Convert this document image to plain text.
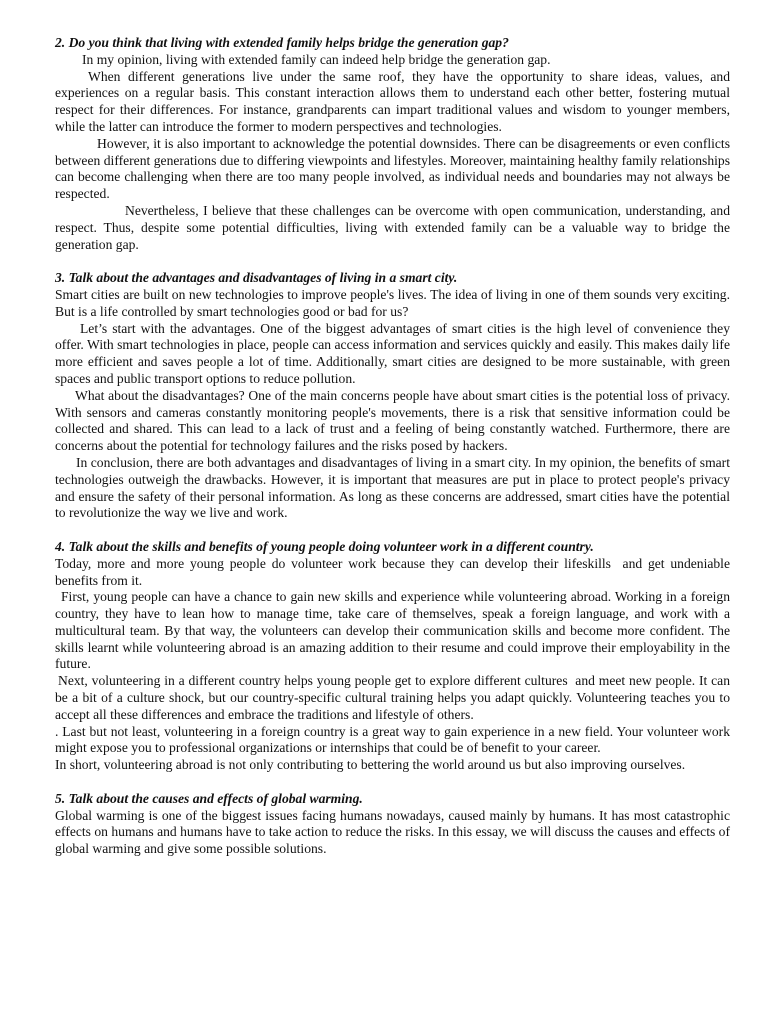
2. Do you think that living with extended family helps bridge the generation gap?

In my opinion, living with extended family can indeed help bridge the generation gap.

When different generations live under the same roof, they have the opportunity to share ideas, values, and experiences on a regular basis. This constant interaction allows them to understand each other better, fostering mutual respect for their differences. For instance, grandparents can impart traditional values and wisdom to younger members, while the latter can introduce the former to modern perspectives and technologies.

However, it is also important to acknowledge the potential downsides. There can be disagreements or even conflicts between different generations due to differing viewpoints and lifestyles. Moreover, maintaining healthy family relationships can become challenging when there are too many people involved, as individual needs and boundaries may not always be respected.

Nevertheless, I believe that these challenges can be overcome with open communication, understanding, and respect. Thus, despite some potential difficulties, living with extended family can be a valuable way to bridge the generation gap.

3. Talk about the advantages and disadvantages of living in a smart city.

Smart cities are built on new technologies to improve people's lives. The idea of living in one of them sounds very exciting. But is a life controlled by smart technologies good or bad for us?

Let’s start with the advantages. One of the biggest advantages of smart cities is the high level of convenience they offer. With smart technologies in place, people can access information and services quickly and easily. This makes daily life more efficient and saves people a lot of time. Additionally, smart cities are designed to be more sustainable, with green spaces and public transport options to reduce pollution.

What about the disadvantages? One of the main concerns people have about smart cities is the potential loss of privacy. With sensors and cameras constantly monitoring people's movements, there is a risk that sensitive information could be collected and shared. This can lead to a lack of trust and a feeling of being constantly watched. Furthermore, there are concerns about the potential for technology failures and the risks posed by hackers.

In conclusion, there are both advantages and disadvantages of living in a smart city. In my opinion, the benefits of smart technologies outweigh the drawbacks. However, it is important that measures are put in place to protect people's privacy and ensure the safety of their personal information. As long as these concerns are addressed, smart cities have the potential to revolutionize the way we live and work.

4. Talk about the skills and benefits of young people doing volunteer work in a different country.

Today, more and more young people do volunteer work because they can develop their lifeskills  and get undeniable benefits from it.

First, young people can have a chance to gain new skills and experience while volunteering abroad. Working in a foreign country, they have to lean how to manage time, take care of themselves, speak a foreign language, and work with a multicultural team. By that way, the volunteers can develop their communication skills and become more confident. The skills learnt while volunteering abroad is an amazing addition to their resume and could improve their employability in the future.

Next, volunteering in a different country helps young people get to explore different cultures  and meet new people. It can be a bit of a culture shock, but our country-specific cultural training helps you adapt quickly. Volunteering teaches you to accept all these differences and embrace the traditions and lifestyle of others.

. Last but not least, volunteering in a foreign country is a great way to gain experience in a new field. Your volunteer work might expose you to professional organizations or internships that could be of benefit to your career.

In short, volunteering abroad is not only contributing to bettering the world around us but also improving ourselves.

5. Talk about the causes and effects of global warming.

Global warming is one of the biggest issues facing humans nowadays, caused mainly by humans. It has most catastrophic effects on humans and humans have to take action to reduce the risks. In this essay, we will discuss the causes and effects of global warming and give some possible solutions.
